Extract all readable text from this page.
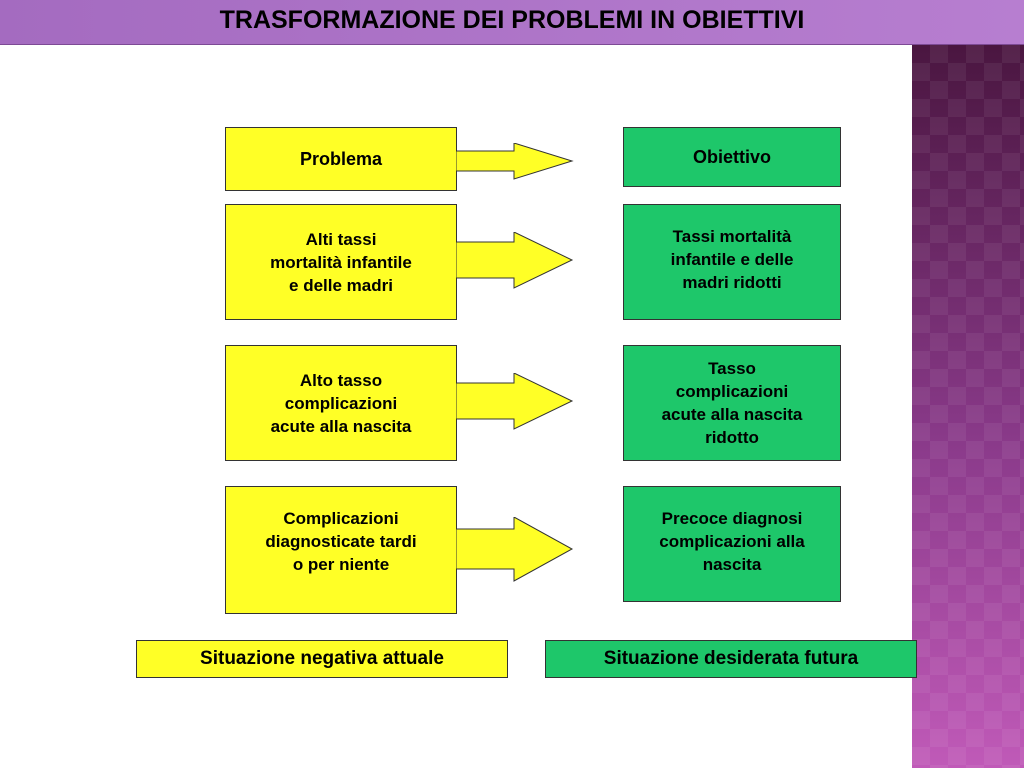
TRASFORMAZIONE DEI PROBLEMI IN OBIETTIVI
Problema	Obiettivo
Alti tassi
mortalità infantile
e delle madri
Tassi mortalità
infantile e delle
madri ridotti
Alto tasso
complicazioni
acute alla nascita
Tasso
complicazioni
acute alla nascita
ridotto
Complicazioni
diagnosticate tardi
o per niente
Precoce diagnosi
complicazioni alla
nascita
Situazione negativa attuale	Situazione desiderata futura
